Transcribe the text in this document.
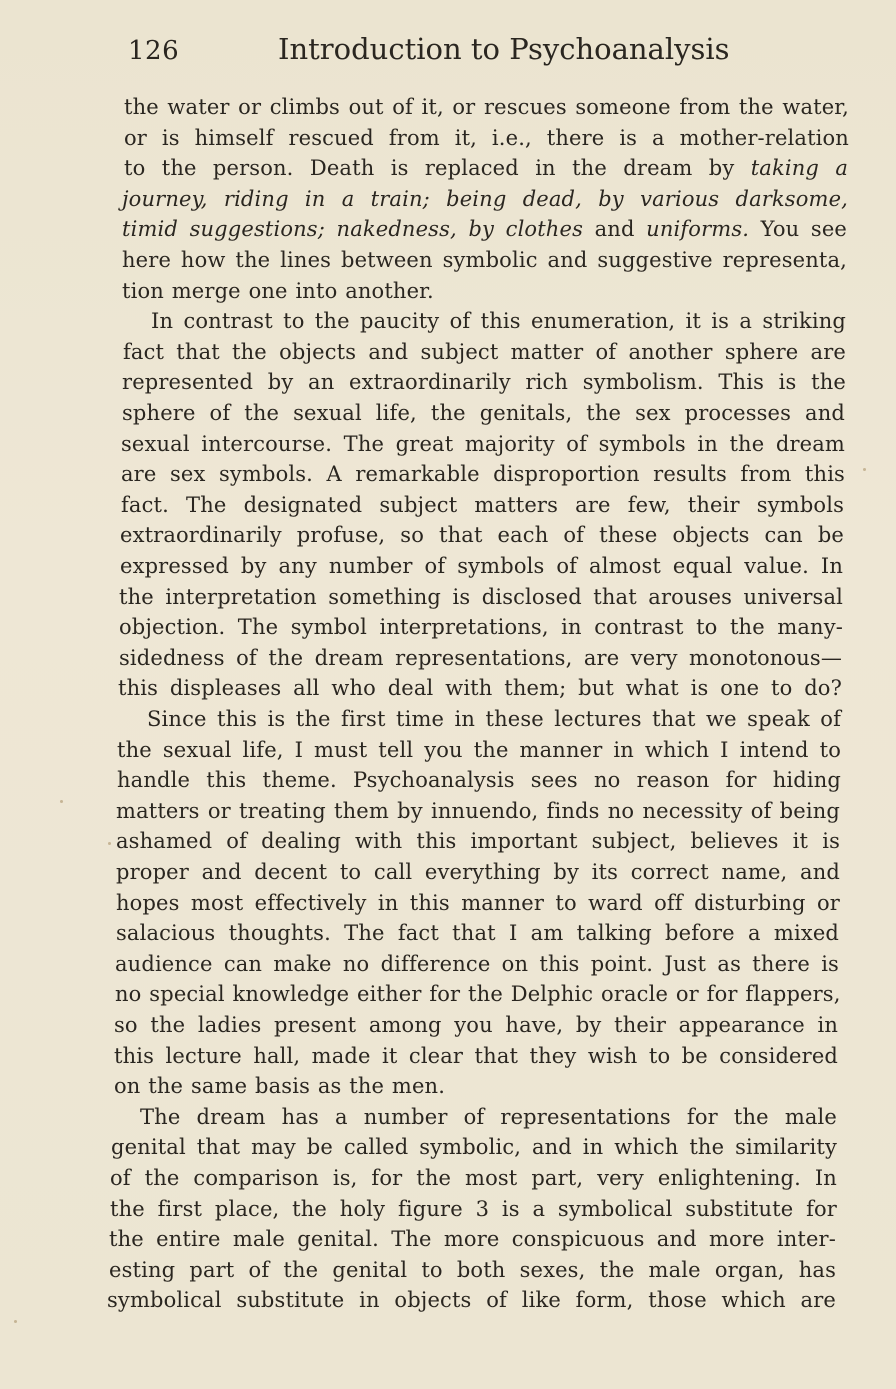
126	Introduction to Psychoanalysis
the water or climbs out of it, or rescues someone from the water,
or is himself rescued from it, i.e., there is a mother-relation
to the person. Death is replaced in the dream by taking a
journey, riding in a train; being dead, by various darksome,
timid suggestions; nakedness, by clothes and uniforms. You see
here how the lines between symbolic and suggestive representa,
tion merge one into another.
In contrast to the paucity of this enumeration, it is a striking
fact that the objects and subject matter of another sphere are
represented by an extraordinarily rich symbolism. This is the
sphere of the sexual life, the genitals, the sex processes and
sexual intercourse. The great majority of symbols in the dream
are sex symbols. A remarkable disproportion results from this
fact. The designated subject matters are few, their symbols
extraordinarily profuse, so that each of these objects can be
expressed by any number of symbols of almost equal value. In
the interpretation something is disclosed that arouses universal
objection. The symbol interpretations, in contrast to the many-
sidedness of the dream representations, are very monotonous—
this displeases all who deal with them; but what is one to do?
Since this is the first time in these lectures that we speak of
the sexual life, I must tell you the manner in which I intend to
handle this theme. Psychoanalysis sees no reason for hiding
matters or treating them by innuendo, finds no necessity of being
ashamed of dealing with this important subject, believes it is
proper and decent to call everything by its correct name, and
hopes most effectively in this manner to ward off disturbing or
salacious thoughts. The fact that I am talking before a mixed
audience can make no difference on this point. Just as there is
no special knowledge either for the Delphic oracle or for flappers,
so the ladies present among you have, by their appearance in
this lecture hall, made it clear that they wish to be considered
on the same basis as the men.
The dream has a number of representations for the male
genital that may be called symbolic, and in which the similarity
of the comparison is, for the most part, very enlightening. In
the first place, the holy figure 3 is a symbolical substitute for
the entire male genital. The more conspicuous and more inter-
esting part of the genital to both sexes, the male organ, has
symbolical substitute in objects of like form, those which are
